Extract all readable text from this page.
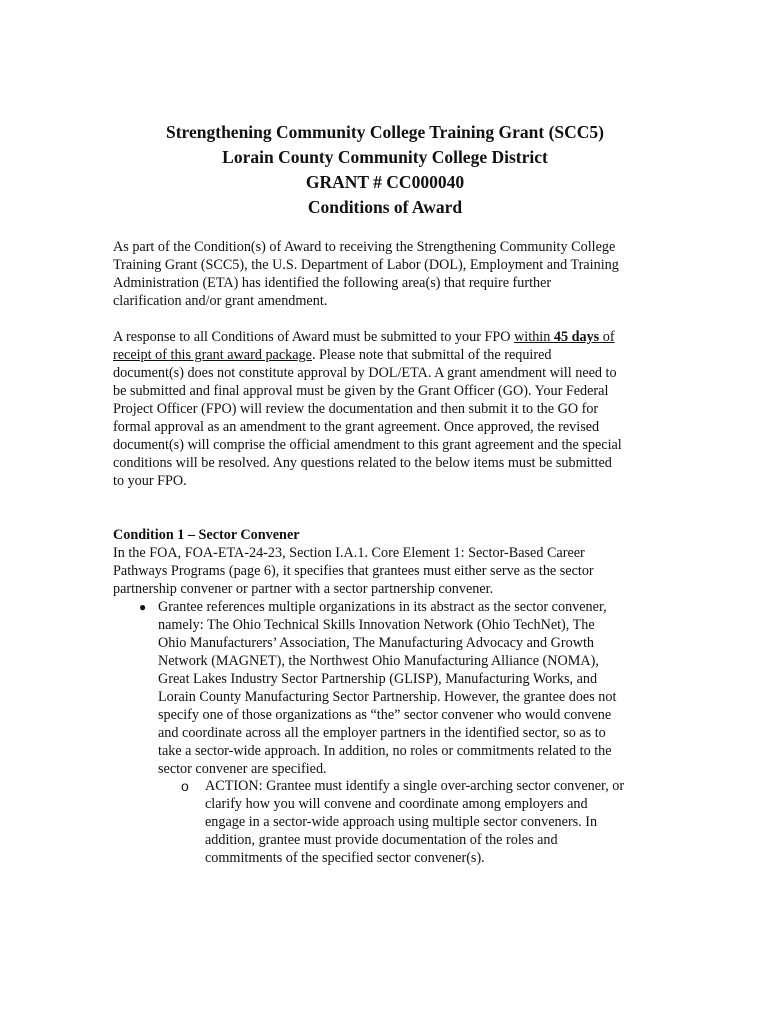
Strengthening Community College Training Grant (SCC5)
Lorain County Community College District
GRANT # CC000040
Conditions of Award
As part of the Condition(s) of Award to receiving the Strengthening Community College
Training Grant (SCC5), the U.S. Department of Labor (DOL), Employment and Training
Administration (ETA) has identified the following area(s) that require further
clarification and/or grant amendment.
A response to all Conditions of Award must be submitted to your FPO within 45 days of
receipt of this grant award package. Please note that submittal of the required
document(s) does not constitute approval by DOL/ETA. A grant amendment will need to
be submitted and final approval must be given by the Grant Officer (GO). Your Federal
Project Officer (FPO) will review the documentation and then submit it to the GO for
formal approval as an amendment to the grant agreement. Once approved, the revised
document(s) will comprise the official amendment to this grant agreement and the special
conditions will be resolved. Any questions related to the below items must be submitted
to your FPO.
Condition 1 – Sector Convener
In the FOA, FOA-ETA-24-23, Section I.A.1. Core Element 1: Sector-Based Career
Pathways Programs (page 6), it specifies that grantees must either serve as the sector
partnership convener or partner with a sector partnership convener.
● Grantee references multiple organizations in its abstract as the sector convener,
namely: The Ohio Technical Skills Innovation Network (Ohio TechNet), The
Ohio Manufacturers’ Association, The Manufacturing Advocacy and Growth
Network (MAGNET), the Northwest Ohio Manufacturing Alliance (NOMA),
Great Lakes Industry Sector Partnership (GLISP), Manufacturing Works, and
Lorain County Manufacturing Sector Partnership. However, the grantee does not
specify one of those organizations as “the” sector convener who would convene
and coordinate across all the employer partners in the identified sector, so as to
take a sector-wide approach. In addition, no roles or commitments related to the
sector convener are specified.
o ACTION: Grantee must identify a single over-arching sector convener, or
clarify how you will convene and coordinate among employers and
engage in a sector-wide approach using multiple sector conveners. In
addition, grantee must provide documentation of the roles and
commitments of the specified sector convener(s).
